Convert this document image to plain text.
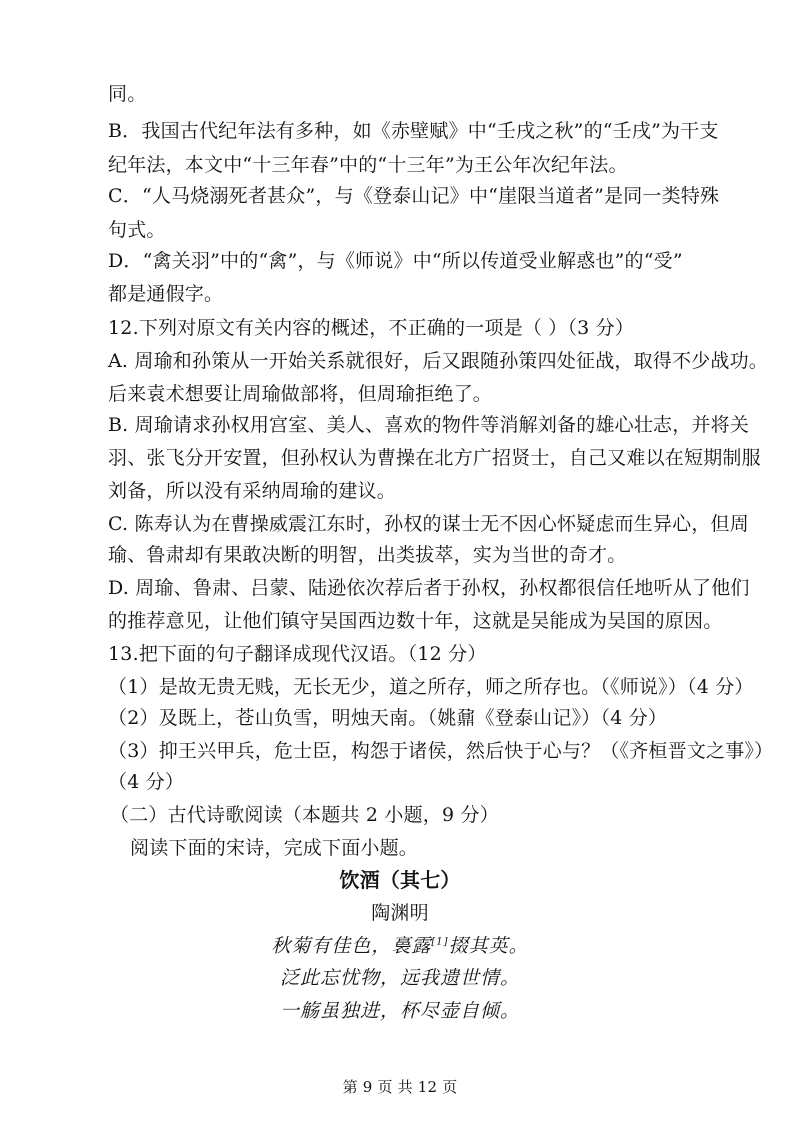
同。
B．我国古代纪年法有多种，如《赤壁赋》中“壬戌之秋”的“壬戌”为干支
纪年法，本文中“十三年春”中的“十三年”为王公年次纪年法。
C．“人马烧溺死者甚众”，与《登泰山记》中“崖限当道者”是同一类特殊
句式。
D．“禽关羽”中的“禽”，与《师说》中“所以传道受业解惑也”的“受”
都是通假字。
12.下列对原文有关内容的概述，不正确的一项是（ ）（3 分）
A. 周瑜和孙策从一开始关系就很好，后又跟随孙策四处征战，取得不少战功。
后来袁术想要让周瑜做部将，但周瑜拒绝了。
B. 周瑜请求孙权用宫室、美人、喜欢的物件等消解刘备的雄心壮志，并将关
羽、张飞分开安置，但孙权认为曹操在北方广招贤士，自己又难以在短期制服
刘备，所以没有采纳周瑜的建议。
C. 陈寿认为在曹操威震江东时，孙权的谋士无不因心怀疑虑而生异心，但周
瑜、鲁肃却有果敢决断的明智，出类拔萃，实为当世的奇才。
D. 周瑜、鲁肃、吕蒙、陆逊依次荐后者于孙权，孙权都很信任地听从了他们
的推荐意见，让他们镇守吴国西边数十年，这就是吴能成为吴国的原因。
13.把下面的句子翻译成现代汉语。（12 分）
（1）是故无贵无贱，无长无少，道之所存，师之所存也。（《师说》）（4 分）
（2）及既上，苍山负雪，明烛天南。（姚鼐《登泰山记》）（4 分）
（3）抑王兴甲兵，危士臣，构怨于诸侯，然后快于心与？（《齐桓晋文之事》）
（4 分）
（二）古代诗歌阅读（本题共 2 小题，9 分）
阅读下面的宋诗，完成下面小题。
饮酒（其七）
陶渊明
秋菊有佳色，裛露[1]掇其英。
泛此忘忧物，远我遗世情。
一觞虽独进，杯尽壶自倾。
第 9 页 共 12 页
